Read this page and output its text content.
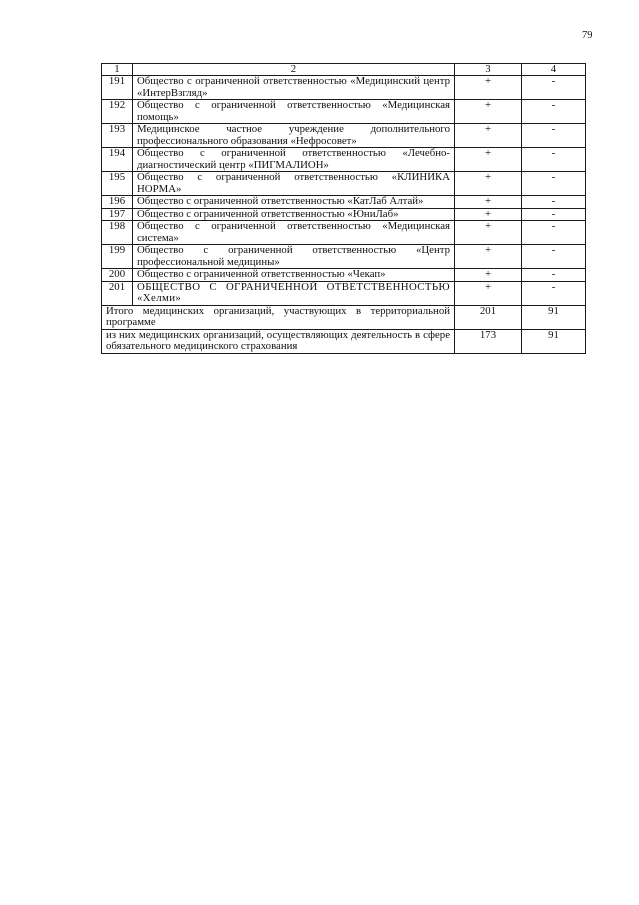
79
1	2	3	4
191	Общество с ограниченной ответственностью «Медицинский центр «ИнтерВзгляд»	+	-
192	Общество с ограниченной ответственностью «Медицинская помощь»	+	-
193	Медицинское частное учреждение дополнительного профессионального образования «Нефросовет»	+	-
194	Общество с ограниченной ответственностью «Лечебно-диагностический центр «ПИГМАЛИОН»	+	-
195	Общество с ограниченной ответственностью «КЛИНИКА НОРМА»	+	-
196	Общество с ограниченной ответственностью «КатЛаб Алтай»	+	-
197	Общество с ограниченной ответственностью «ЮниЛаб»	+	-
198	Общество с ограниченной ответственностью «Медицинская система»	+	-
199	Общество с ограниченной ответственностью «Центр профессиональной медицины»	+	-
200	Общество с ограниченной ответственностью «Чекап»	+	-
201	ОБЩЕСТВО С ОГРАНИЧЕННОЙ ОТВЕТСТВЕННОСТЬЮ «Хелми»	+	-
Итого медицинских организаций, участвующих в территориальной программе		201	91
из них медицинских организаций, осуществляющих деятельность в сфере обязательного медицинского страхования		173	91
